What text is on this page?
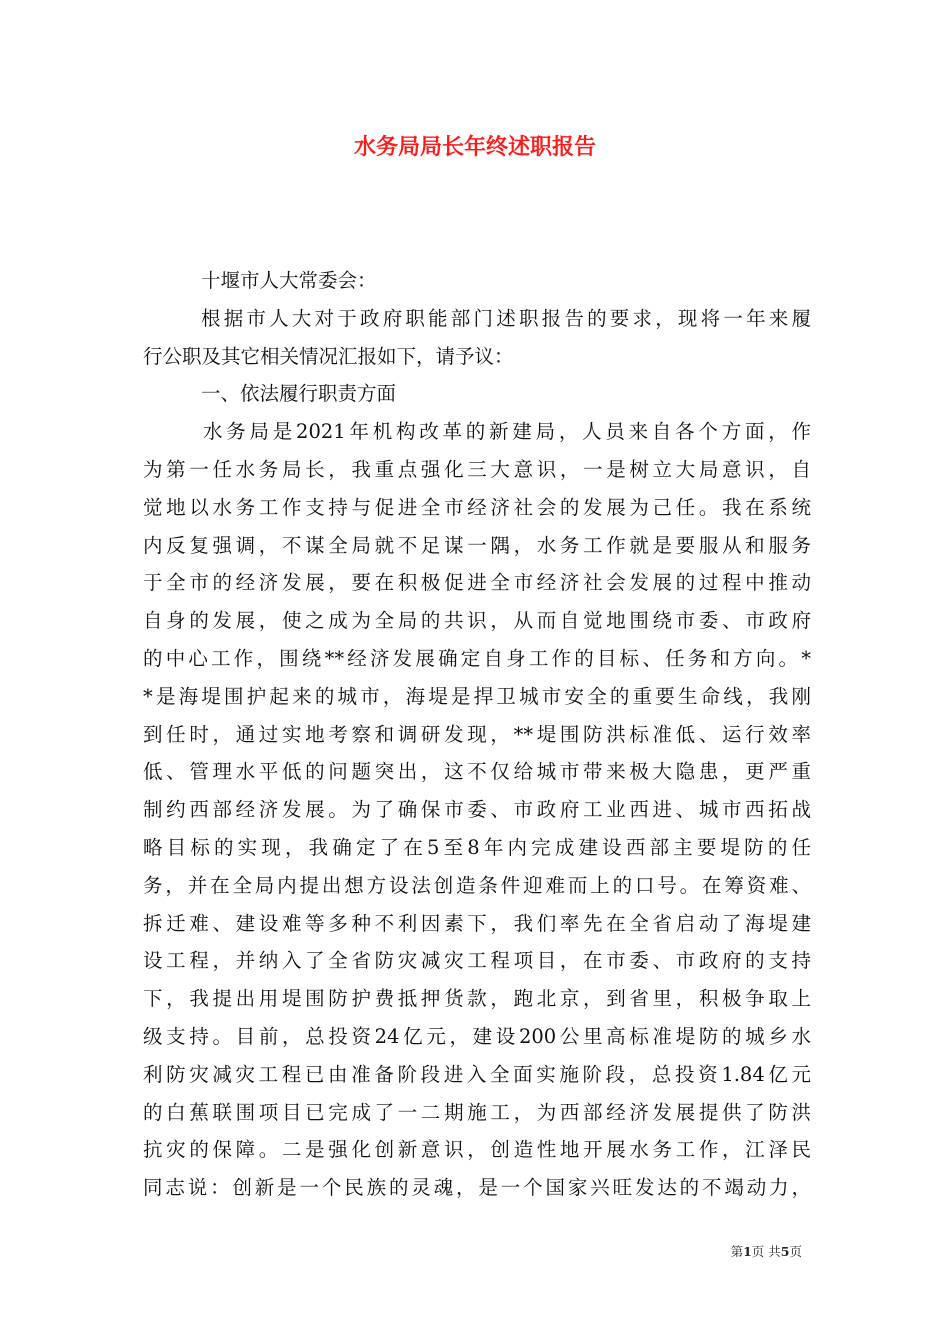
水务局局长年终述职报告
十堰市人大常委会：
根据市人大对于政府职能部门述职报告的要求，现将一年来履
行公职及其它相关情况汇报如下，请予议：
一、依法履行职责方面
水务局是2021年机构改革的新建局，人员来自各个方面，作
为第一任水务局长，我重点强化三大意识，一是树立大局意识，自
觉地以水务工作支持与促进全市经济社会的发展为己任。我在系统
内反复强调，不谋全局就不足谋一隅，水务工作就是要服从和服务
于全市的经济发展，要在积极促进全市经济社会发展的过程中推动
自身的发展，使之成为全局的共识，从而自觉地围绕市委、市政府
的中心工作，围绕**经济发展确定自身工作的目标、任务和方向。*
*是海堤围护起来的城市，海堤是捍卫城市安全的重要生命线，我刚
到任时，通过实地考察和调研发现，**堤围防洪标准低、运行效率
低、管理水平低的问题突出，这不仅给城市带来极大隐患，更严重
制约西部经济发展。为了确保市委、市政府工业西进、城市西拓战
略目标的实现，我确定了在5至8年内完成建设西部主要堤防的任
务，并在全局内提出想方设法创造条件迎难而上的口号。在筹资难、
拆迁难、建设难等多种不利因素下，我们率先在全省启动了海堤建
设工程，并纳入了全省防灾减灾工程项目，在市委、市政府的支持
下，我提出用堤围防护费抵押货款，跑北京，到省里，积极争取上
级支持。目前，总投资24亿元，建设200公里高标准堤防的城乡水
利防灾减灾工程已由准备阶段进入全面实施阶段，总投资1.84亿元
的白蕉联围项目已完成了一二期施工，为西部经济发展提供了防洪
抗灾的保障。二是强化创新意识，创造性地开展水务工作，江泽民
同志说：创新是一个民族的灵魂，是一个国家兴旺发达的不竭动力，
第1页 共5页
